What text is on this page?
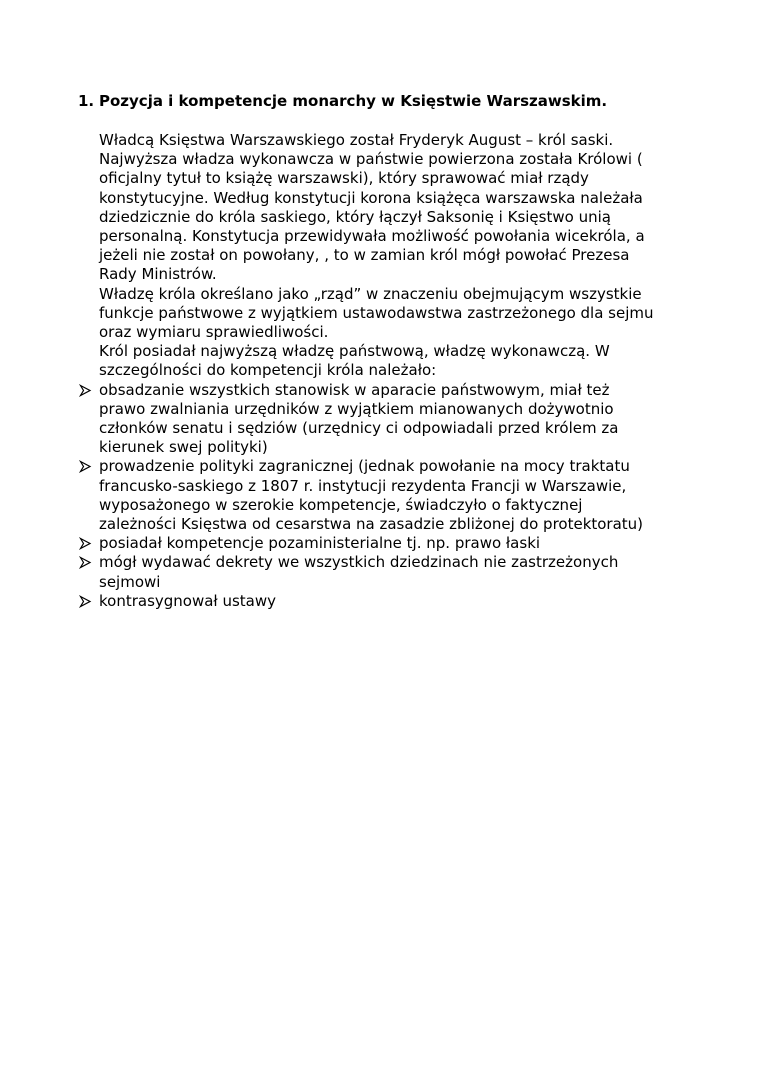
1. Pozycja i kompetencje monarchy w Księstwie Warszawskim.

Władcą Księstwa Warszawskiego został Fryderyk August – król saski.
Najwyższa władza wykonawcza w państwie powierzona została Królowi (
oficjalny tytuł to książę warszawski), który sprawować miał rządy
konstytucyjne. Według konstytucji korona książęca warszawska należała
dziedzicznie do króla saskiego, który łączył Saksonię i Księstwo unią
personalną. Konstytucja przewidywała możliwość powołania wicekróla, a
jeżeli nie został on powołany, , to w zamian król mógł powołać Prezesa
Rady Ministrów.

Władzę króla określano jako „rząd” w znaczeniu obejmującym wszystkie
funkcje państwowe z wyjątkiem ustawodawstwa zastrzeżonego dla sejmu
oraz wymiaru sprawiedliwości.

Król posiadał najwyższą władzę państwową, władzę wykonawczą. W
szczególności do kompetencji króla należało:

obsadzanie wszystkich stanowisk w aparacie państwowym, miał też
prawo zwalniania urzędników z wyjątkiem mianowanych dożywotnio
członków senatu i sędziów (urzędnicy ci odpowiadali przed królem za
kierunek swej polityki)
prowadzenie polityki zagranicznej (jednak powołanie na mocy traktatu
francusko-saskiego z 1807 r. instytucji rezydenta Francji w Warszawie,
wyposażonego w szerokie kompetencje, świadczyło o faktycznej
zależności Księstwa od cesarstwa na zasadzie zbliżonej do protektoratu)
posiadał kompetencje pozaministerialne tj. np. prawo łaski
mógł wydawać dekrety we wszystkich dziedzinach nie zastrzeżonych
sejmowi
kontrasygnował ustawy
